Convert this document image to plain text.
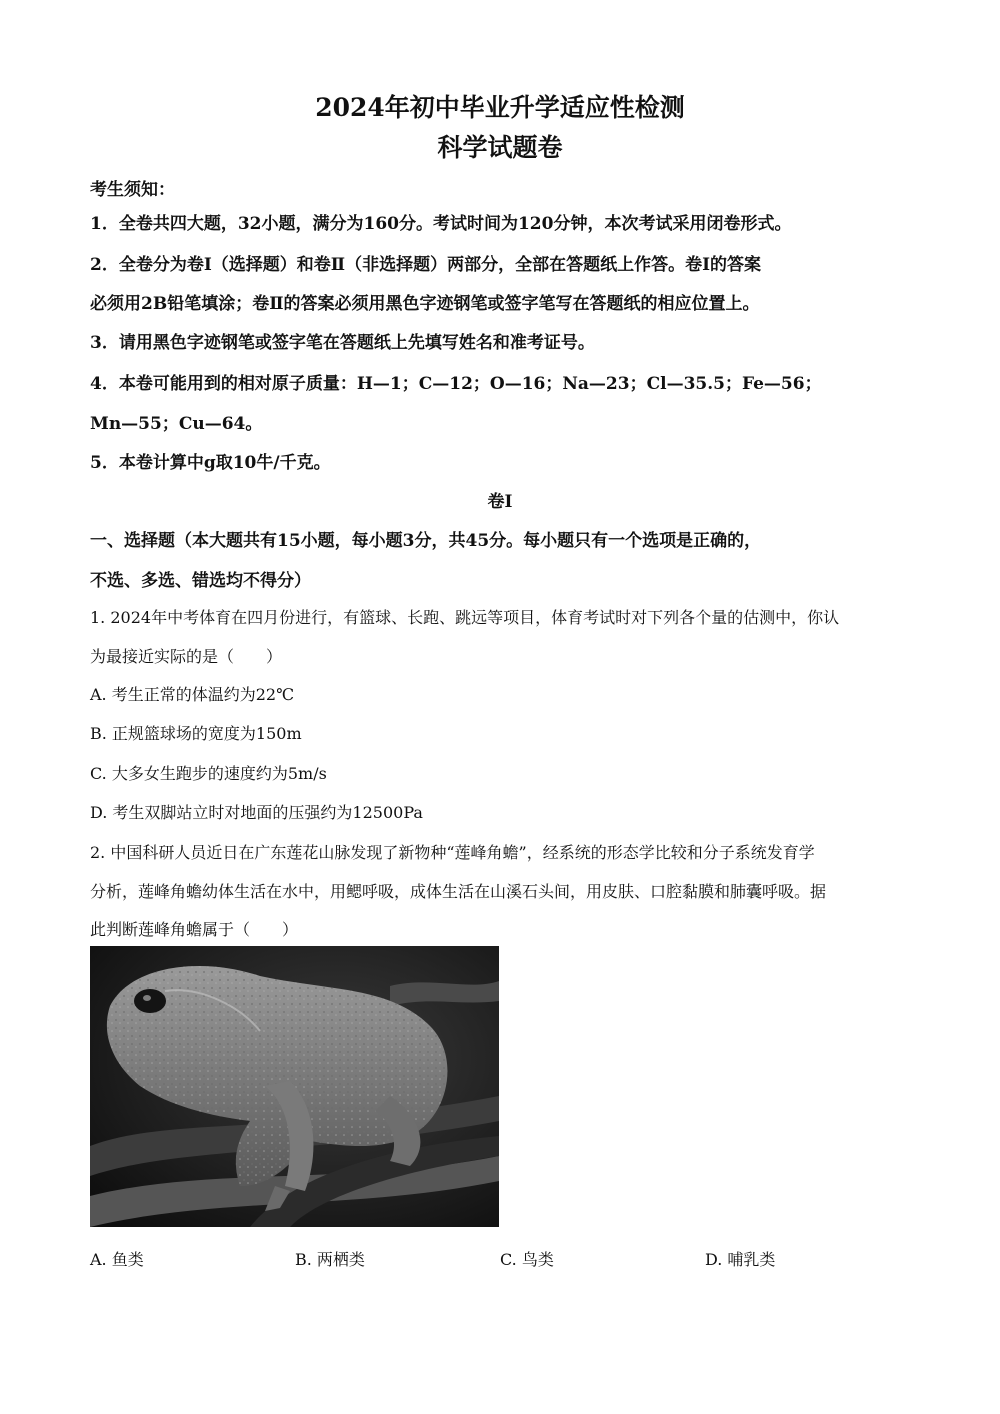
2024年初中毕业升学适应性检测
科学试题卷
考生须知：
1．全卷共四大题，32小题，满分为160分。考试时间为120分钟，本次考试采用闭卷形式。
2．全卷分为卷Ⅰ（选择题）和卷Ⅱ（非选择题）两部分，全部在答题纸上作答。卷Ⅰ的答案
必须用2B铅笔填涂；卷Ⅱ的答案必须用黑色字迹钢笔或签字笔写在答题纸的相应位置上。
3．请用黑色字迹钢笔或签字笔在答题纸上先填写姓名和准考证号。
4．本卷可能用到的相对原子质量：H—1；C—12；O—16；Na—23；Cl—35.5；Fe—56；
Mn—55；Cu—64。
5．本卷计算中g取10牛/千克。
卷Ⅰ
一、选择题（本大题共有15小题，每小题3分，共45分。每小题只有一个选项是正确的，
不选、多选、错选均不得分）
1. 2024年中考体育在四月份进行，有篮球、长跑、跳远等项目，体育考试时对下列各个量的估测中，你认
为最接近实际的是（　　）
A. 考生正常的体温约为22℃
B. 正规篮球场的宽度为150m
C. 大多女生跑步的速度约为5m/s
D. 考生双脚站立时对地面的压强约为12500Pa
2. 中国科研人员近日在广东莲花山脉发现了新物种“莲峰角蟾”，经系统的形态学比较和分子系统发育学
分析，莲峰角蟾幼体生活在水中，用鳃呼吸，成体生活在山溪石头间，用皮肤、口腔黏膜和肺囊呼吸。据
此判断莲峰角蟾属于（　　）
A. 鱼类	B. 两栖类	C. 鸟类	D. 哺乳类
